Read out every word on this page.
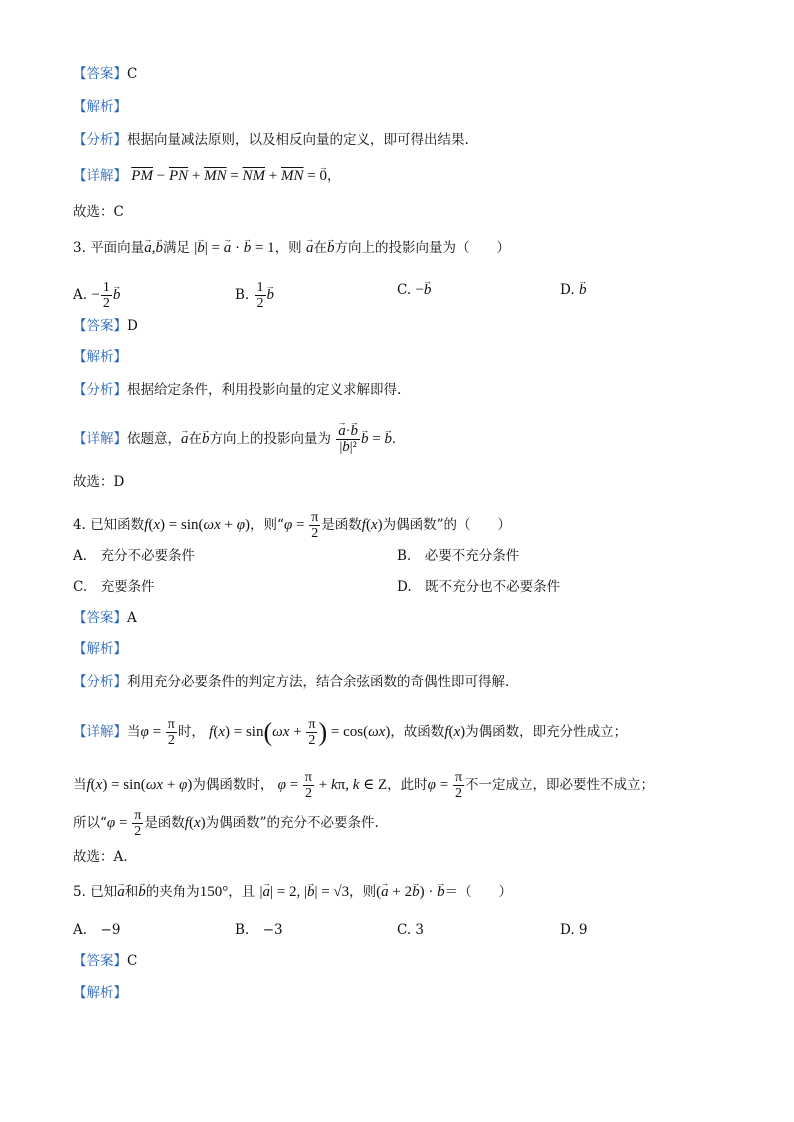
【答案】C
【解析】
【分析】根据向量减法原则，以及相反向量的定义，即可得出结果.
【详解】 $\overline{PM} - \overline{PN} + \overline{MN} = \overline{NM} + \overline{MN}$ = → 0，
故选：C
3. 平面向量→ a,→ b满足 |→ b| = → a · → b = 1，则 → a在→ b方向上的投影向量为（　　）
A. − $\frac{1}{2} \to b$	B. $\frac{1}{2} \to b$	C. −→ b	D. → b
【答案】D
【解析】
【分析】根据给定条件，利用投影向量的定义求解即得.
【详解】依题意，→ a在→ b方向上的投影向量为 → $\frac{a\cdot\to b}{\text{|→ b|²}} \to b$ = → b.
故选：D
4. 已知函数f(x) = sin(ωx + φ)，则“$\varphi = \frac{\pi}{2}$ 是函数f(x)为偶函数”的（　　）
A.　充分不必要条件	B.　必要不充分条件
C.　充要条件	D.　既不充分也不必要条件
【答案】A
【解析】
【分析】利用充分必要条件的判定方法，结合余弦函数的奇偶性即可得解.
【详解】当$\varphi = \frac{\pi}{2}$ 时， $f(x) = \sin(\omega x + \frac{\pi}{2}$ ) = cos(ωx)，故函数f(x)为偶函数，即充分性成立；
当f(x) = sin(ωx + φ)为偶函数时， $\varphi = \frac{\pi}{2} + k\pi$, k ∈ Z，此时$\varphi = \frac{\pi}{2}$ 不一定成立，即必要性不成立；
所以“$\varphi = \frac{\pi}{2}$ 是函数f(x)为偶函数”的充分不必要条件.
故选：A.
5. 已知→ a和→ b的夹角为150°，且 |→ a| = 2, |→ b| = √3，则(→ a + 2→ b) · → b＝（　　）
A.　−9	B.　−3	C. 3	D. 9
【答案】C
【解析】
